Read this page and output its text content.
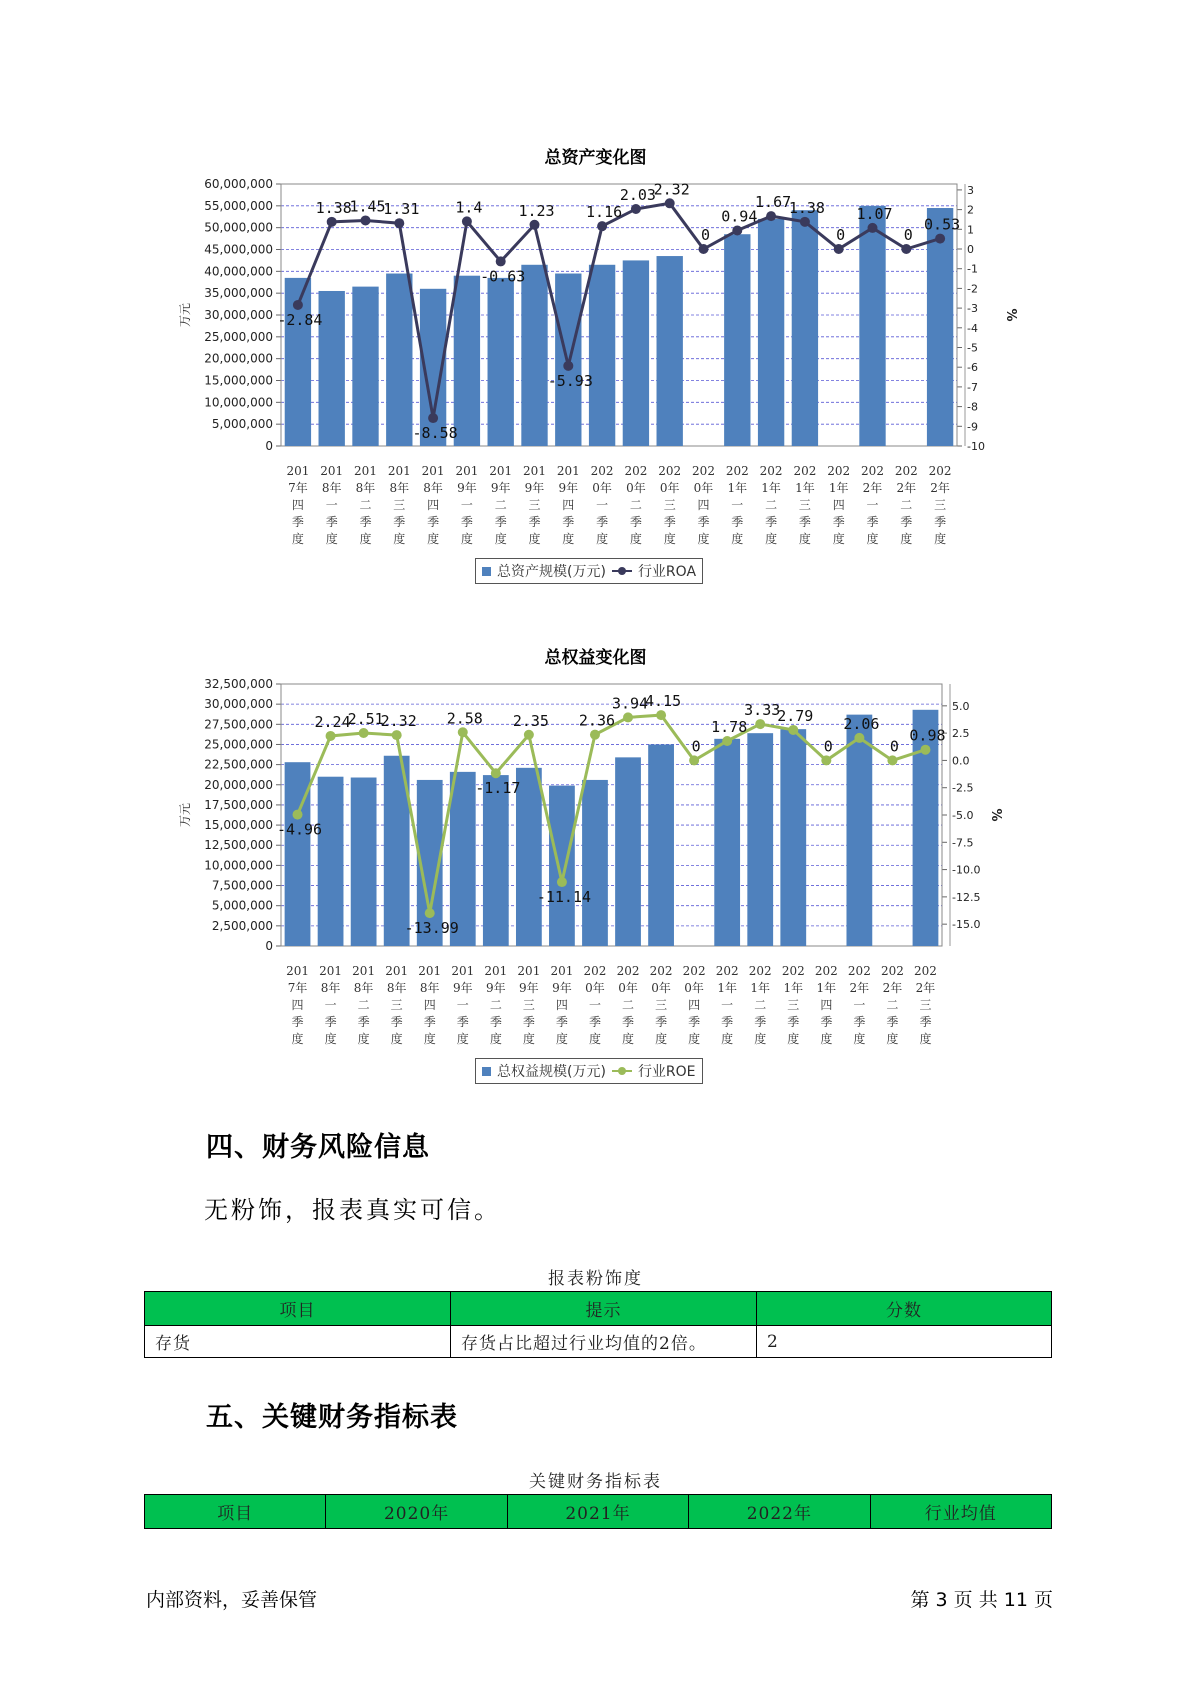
总资产变化图
0
5,000,000
10,000,000
15,000,000
20,000,000
25,000,000
30,000,000
35,000,000
40,000,000
45,000,000
50,000,000
55,000,000
60,000,000	3
2
1
0
-1
-2
-3
-4
-5
-6
-7
-8
-9
-10
万元	%
-2.84
1.38
1.45
1.31
-8.58
1.4
-0.63
1.23
-5.93
1.16
2.03
2.32
0
0.94
1.67
1.38
0
1.07
0
0.53
201
7年
四
季
度
201
8年
一
季
度
201
8年
二
季
度
201
8年
三
季
度
201
8年
四
季
度
201
9年
一
季
度
201
9年
二
季
度
201
9年
三
季
度
201
9年
四
季
度
202
0年
一
季
度
202
0年
二
季
度
202
0年
三
季
度
202
0年
四
季
度
202
1年
一
季
度
202
1年
二
季
度
202
1年
三
季
度
202
1年
四
季
度
202
2年
一
季
度
202
2年
二
季
度
202
2年
三
季
度
总资产规模(万元) 行业ROA
总权益变化图
0
2,500,000
5,000,000
7,500,000
10,000,000
12,500,000
15,000,000
17,500,000
20,000,000
22,500,000
25,000,000
27,500,000
30,000,000
32,500,000
5.0
2.5
0.0
-2.5
-5.0
-7.5
-10.0
-12.5
-15.0
万元	%
-4.96
2.24
2.51
2.32
-13.99
2.58
-1.17
2.35
-11.14
2.36
3.94
4.15
0
1.78
3.33
2.79
0
2.06
0
0.98
201
7年
四
季
度
201
8年
一
季
度
201
8年
二
季
度
201
8年
三
季
度
201
8年
四
季
度
201
9年
一
季
度
201
9年
二
季
度
201
9年
三
季
度
201
9年
四
季
度
202
0年
一
季
度
202
0年
二
季
度
202
0年
三
季
度
202
0年
四
季
度
202
1年
一
季
度
202
1年
二
季
度
202
1年
三
季
度
202
1年
四
季
度
202
2年
一
季
度
202
2年
二
季
度
202
2年
三
季
度
总权益规模(万元) 行业ROE
四、财务风险信息
无粉饰，报表真实可信。
报表粉饰度
项目	提示	分数
存货	存货占比超过行业均值的2倍。	2
五、关键财务指标表
关键财务指标表
项目	2020年	2021年	2022年	行业均值
内部资料，妥善保管	第 3 页 共 11 页
